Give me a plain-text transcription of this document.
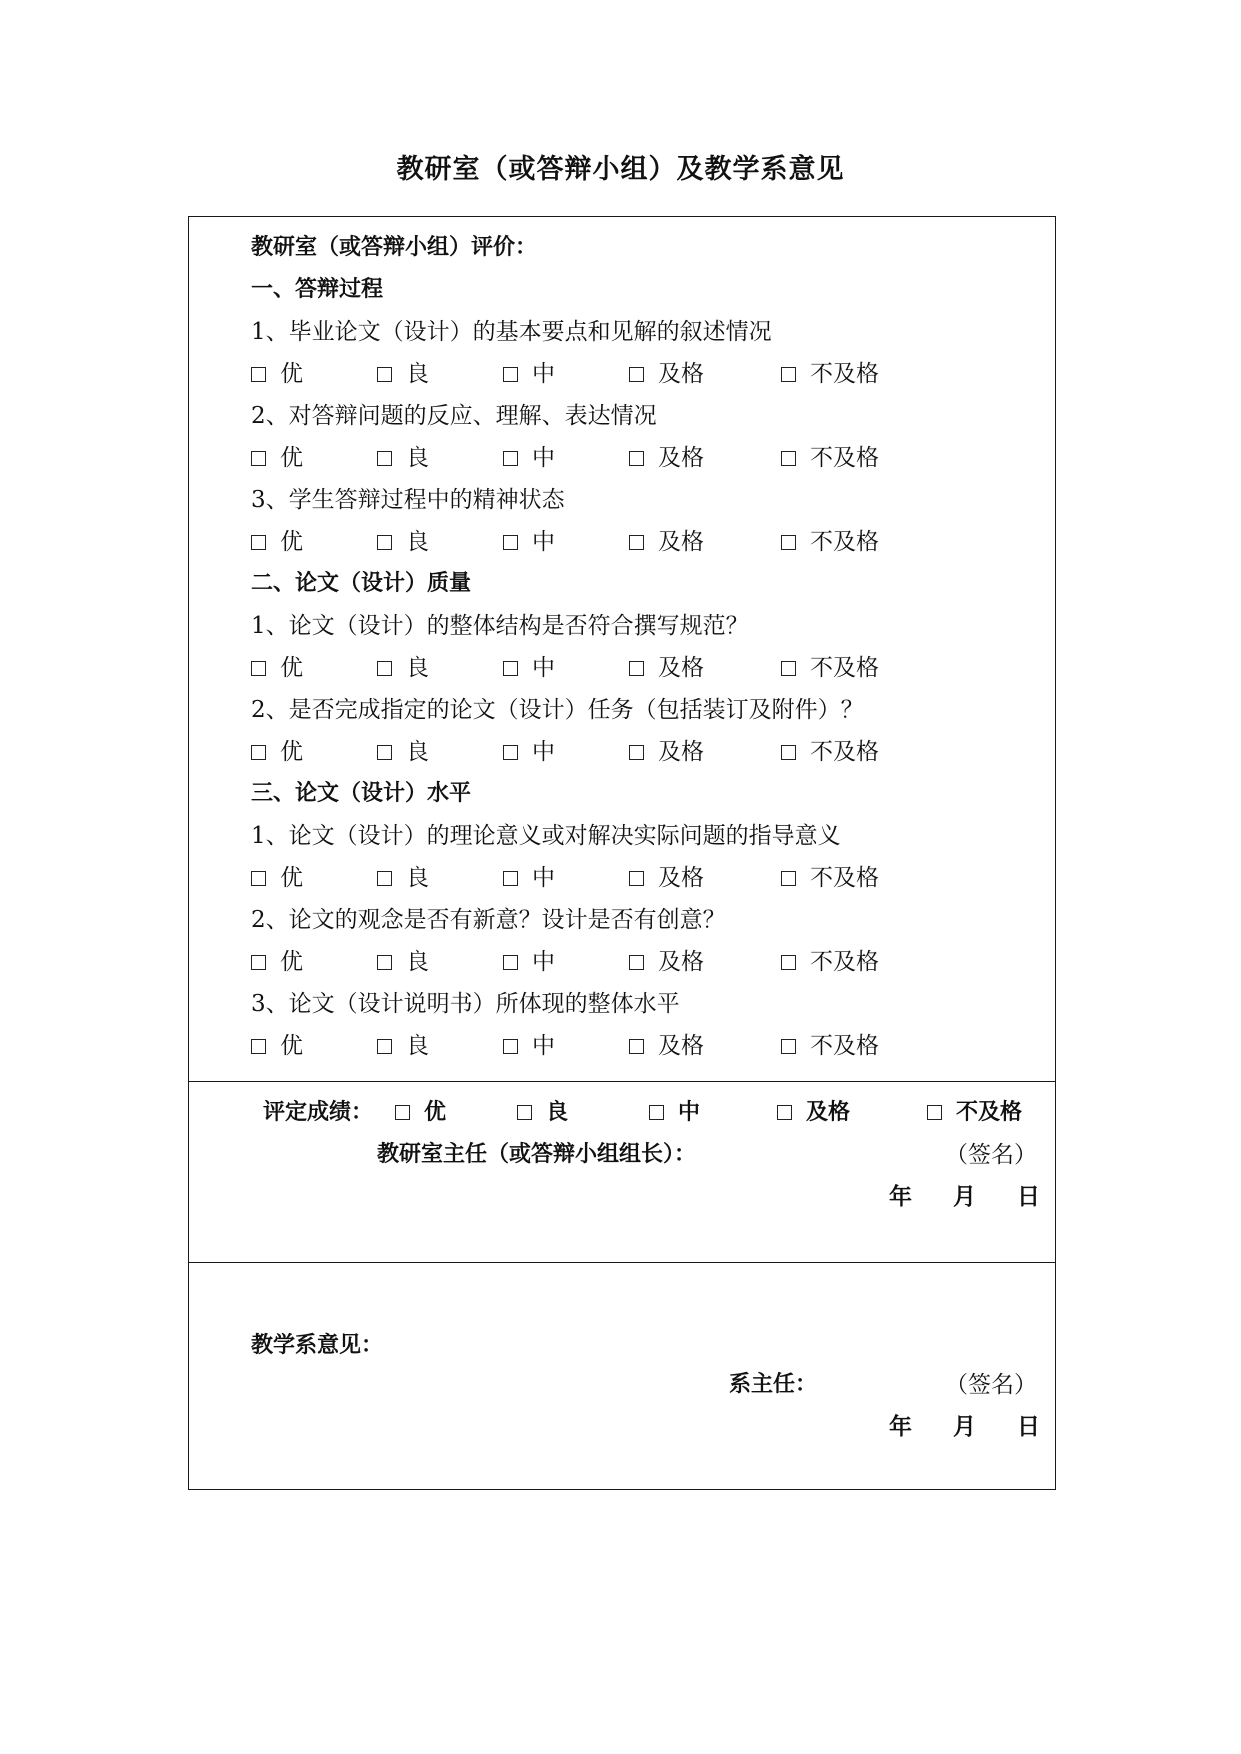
教研室（或答辩小组）及教学系意见
教研室（或答辩小组）评价：
一、答辩过程
1、毕业论文（设计）的基本要点和见解的叙述情况
优	良	中	及格	不及格
2、对答辩问题的反应、理解、表达情况
优	良	中	及格	不及格
3、学生答辩过程中的精神状态
优	良	中	及格	不及格
二、论文（设计）质量
1、论文（设计）的整体结构是否符合撰写规范？
优	良	中	及格	不及格
2、是否完成指定的论文（设计）任务（包括装订及附件）？
优	良	中	及格	不及格
三、论文（设计）水平
1、论文（设计）的理论意义或对解决实际问题的指导意义
优	良	中	及格	不及格
2、论文的观念是否有新意？设计是否有创意？
优	良	中	及格	不及格
3、论文（设计说明书）所体现的整体水平
优	良	中	及格	不及格
评定成绩：	优	良	中	及格	不及格
教研室主任（或答辩小组组长）：	（签名）
年 月 日
教学系意见：
系主任：	（签名）
年 月 日
